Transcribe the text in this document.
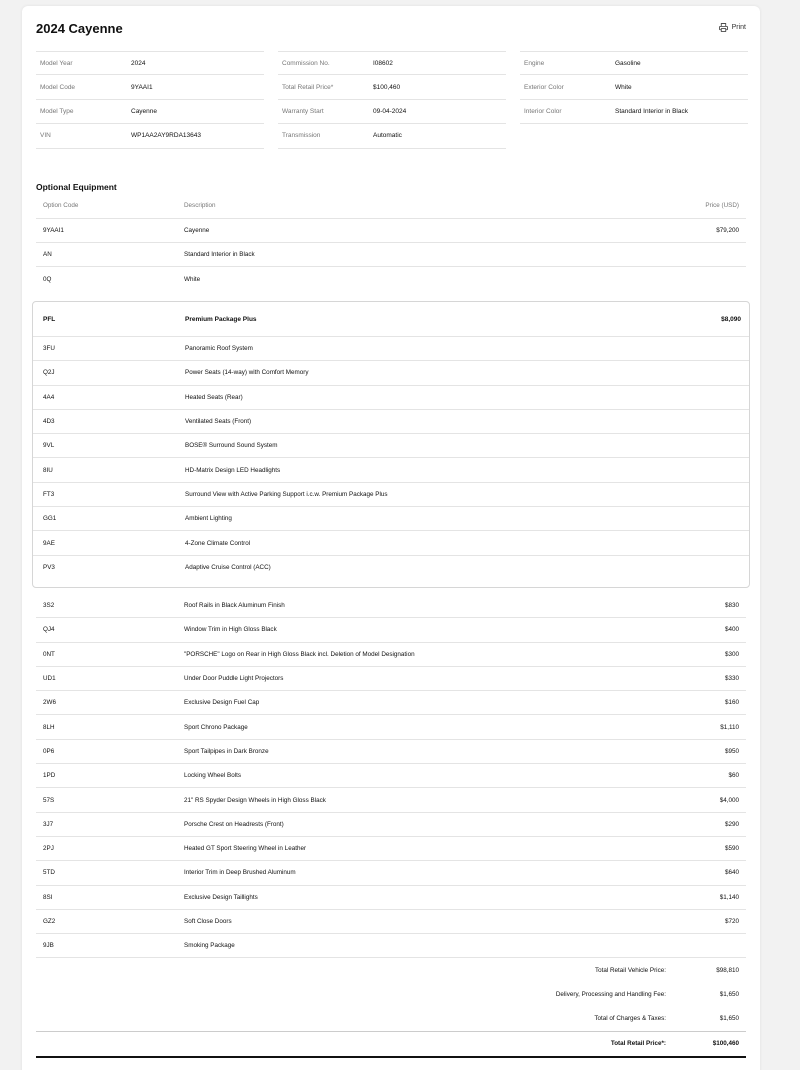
2024 Cayenne	Print
Model Year	2024
Model Code	9YAAI1
Model Type	Cayenne
VIN	WP1AA2AY9RDA13643
Commission No.	I08602
Total Retail Price*	$100,460
Warranty Start	09-04-2024
Transmission	Automatic
Engine	Gasoline
Exterior Color	White
Interior Color	Standard Interior in Black
Optional Equipment
Option Code	Description	Price (USD)
9YAAI1	Cayenne	$79,200
AN	Standard Interior in Black
0Q	White
PFL	Premium Package Plus	$8,090
3FU	Panoramic Roof System
Q2J	Power Seats (14-way) with Comfort Memory
4A4	Heated Seats (Rear)
4D3	Ventilated Seats (Front)
9VL	BOSE® Surround Sound System
8IU	HD-Matrix Design LED Headlights
FT3	Surround View with Active Parking Support i.c.w. Premium Package Plus
GG1	Ambient Lighting
9AE	4-Zone Climate Control
PV3	Adaptive Cruise Control (ACC)
3S2	Roof Rails in Black Aluminum Finish	$830
QJ4	Window Trim in High Gloss Black	$400
0NT	"PORSCHE" Logo on Rear in High Gloss Black incl. Deletion of Model Designation	$300
UD1	Under Door Puddle Light Projectors	$330
2W6	Exclusive Design Fuel Cap	$160
8LH	Sport Chrono Package	$1,110
0P6	Sport Tailpipes in Dark Bronze	$950
1PD	Locking Wheel Bolts	$60
57S	21" RS Spyder Design Wheels in High Gloss Black	$4,000
3J7	Porsche Crest on Headrests (Front)	$290
2PJ	Heated GT Sport Steering Wheel in Leather	$590
5TD	Interior Trim in Deep Brushed Aluminum	$640
8SI	Exclusive Design Taillights	$1,140
GZ2	Soft Close Doors	$720
9JB	Smoking Package
Total Retail Vehicle Price:	$98,810
Delivery, Processing and Handling Fee:	$1,650
Total of Charges & Taxes:	$1,650
Total Retail Price*:	$100,460
